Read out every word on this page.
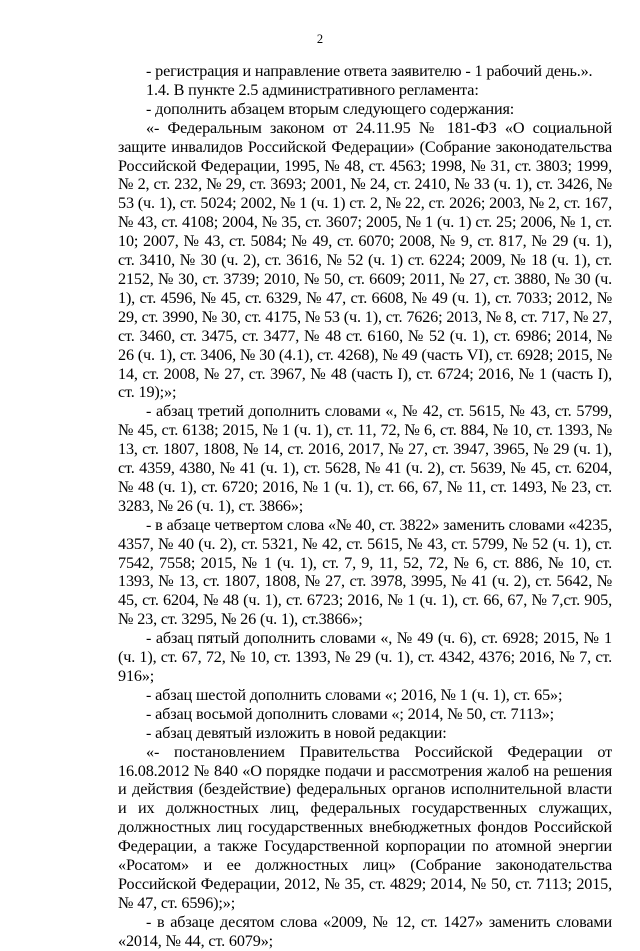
2

- регистрация и направление ответа заявителю - 1 рабочий день.».

1.4. В пункте 2.5 административного регламента:

- дополнить абзацем вторым следующего содержания:

«- Федеральным законом от 24.11.95 № 181-ФЗ «О социальной защите инвалидов Российской Федерации» (Собрание законодательства Российской Федерации, 1995, № 48, ст. 4563; 1998, № 31, ст. 3803; 1999, № 2, ст. 232, № 29, ст. 3693; 2001, № 24, ст. 2410, № 33 (ч. 1), ст. 3426, № 53 (ч. 1), ст. 5024; 2002, № 1 (ч. 1) ст. 2, № 22, ст. 2026; 2003, № 2, ст. 167, № 43, ст. 4108; 2004, № 35, ст. 3607; 2005, № 1 (ч. 1) ст. 25; 2006, № 1, ст. 10; 2007, № 43, ст. 5084; № 49, ст. 6070; 2008, № 9, ст. 817, № 29 (ч. 1), ст. 3410, № 30 (ч. 2), ст. 3616, № 52 (ч. 1) ст. 6224; 2009, № 18 (ч. 1), ст. 2152, № 30, ст. 3739; 2010, № 50, ст. 6609; 2011, № 27, ст. 3880, № 30 (ч. 1), ст. 4596, № 45, ст. 6329, № 47, ст. 6608, № 49 (ч. 1), ст. 7033; 2012, № 29, ст. 3990, № 30, ст. 4175, № 53 (ч. 1), ст. 7626; 2013, № 8, ст. 717, № 27, ст. 3460, ст. 3475, ст. 3477, № 48 ст. 6160, № 52 (ч. 1), ст. 6986; 2014, № 26 (ч. 1), ст. 3406, № 30 (4.1), ст. 4268), № 49 (часть VI), ст. 6928; 2015, № 14, ст. 2008, № 27, ст. 3967, № 48 (часть I), ст. 6724; 2016, № 1 (часть I), ст. 19);»;

- абзац третий дополнить словами «, № 42, ст. 5615, № 43, ст. 5799, № 45, ст. 6138; 2015, № 1 (ч. 1), ст. 11, 72, № 6, ст. 884, № 10, ст. 1393, № 13, ст. 1807, 1808, № 14, ст. 2016, 2017, № 27, ст. 3947, 3965, № 29 (ч. 1), ст. 4359, 4380, № 41 (ч. 1), ст. 5628, № 41 (ч. 2), ст. 5639, № 45, ст. 6204, № 48 (ч. 1), ст. 6720; 2016, № 1 (ч. 1), ст. 66, 67, № 11, ст. 1493, № 23, ст. 3283, № 26 (ч. 1), ст. 3866»;

- в абзаце четвертом слова «№ 40, ст. 3822» заменить словами «4235, 4357, № 40 (ч. 2), ст. 5321, № 42, ст. 5615, № 43, ст. 5799, № 52 (ч. 1), ст. 7542, 7558; 2015, № 1 (ч. 1), ст. 7, 9, 11, 52, 72, № 6, ст. 886, № 10, ст. 1393, № 13, ст. 1807, 1808, № 27, ст. 3978, 3995, № 41 (ч. 2), ст. 5642, № 45, ст. 6204, № 48 (ч. 1), ст. 6723; 2016, № 1 (ч. 1), ст. 66, 67, № 7,ст. 905, № 23, ст. 3295, № 26 (ч. 1), ст.3866»;

- абзац пятый дополнить словами «, № 49 (ч. 6), ст. 6928; 2015, № 1 (ч. 1), ст. 67, 72, № 10, ст. 1393, № 29 (ч. 1), ст. 4342, 4376; 2016, № 7, ст. 916»;

- абзац шестой дополнить словами «; 2016, № 1 (ч. 1), ст. 65»;

- абзац восьмой дополнить словами «; 2014, № 50, ст. 7113»;

- абзац девятый изложить в новой редакции:

«- постановлением Правительства Российской Федерации от 16.08.2012 № 840 «О порядке подачи и рассмотрения жалоб на решения и действия (бездействие) федеральных органов исполнительной власти и их должностных лиц, федеральных государственных служащих, должностных лиц государственных внебюджетных фондов Российской Федерации, а также Государственной корпорации по атомной энергии «Росатом» и ее должностных лиц» (Собрание законодательства Российской Федерации, 2012, № 35, ст. 4829; 2014, № 50, ст. 7113; 2015, № 47, ст. 6596);»;

- в абзаце десятом слова «2009, № 12, ст. 1427» заменить словами «2014, № 44, ст. 6079»;
